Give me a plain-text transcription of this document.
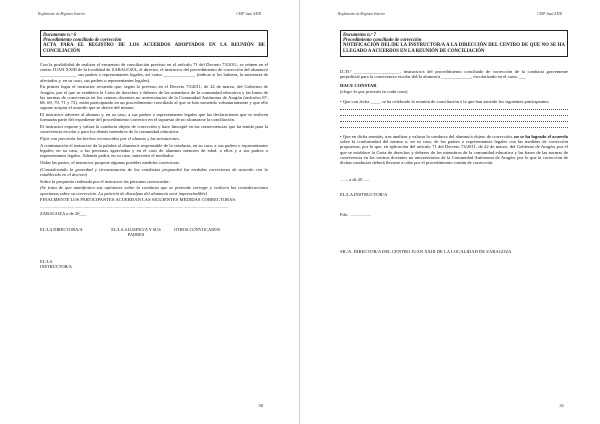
Reglamento de Régimen Interior	CEIP Juan XXIII
Documento n.º 6
Procedimiento conciliado de corrección
ACTA PARA EL REGISTRO DE LOS ACUERDOS ADOPTADOS EN LA REUNIÓN DE CONCILIACIÓN

Con la posibilidad de realizar el encuentro de conciliación previsto en el artículo 71 del Decreto 73/2011, se reúnen en el centro JUAN XXIII de la localidad de ZARAGOZA, el director, el instructor del procedimiento de corrección del alumno/a ________________ sus padres o representantes legales, así como ______________ (indicar si los hubiera, la asistencia de afectados y, en su caso, sus padres o representantes legales).

En primer lugar el instructor recuerda que, según lo previsto en el Decreto 73/2011, de 22 de marzo, del Gobierno de Aragón, por el que se establece la Carta de derechos y deberes de los miembros de la comunidad educativa y las bases de las normas de convivencia en los centros docentes no universitarios de la Comunidad Autónoma de Aragón (artículos 67, 68, 69, 70, 71 y 72), están participando en un procedimiento conciliado al que se han sometido voluntariamente y que ello supone aceptar el acuerdo que se derive del mismo.

El instructor advierte al alumno y, en su caso, a sus padres o representantes legales que las declaraciones que se realicen formarán parte del expediente del procedimiento corrector en el supuesto de no alcanzarse la conciliación.

El instructor expone y valora la conducta objeto de corrección y hace hincapié en las consecuencias que ha tenido para la convivencia escolar y para los demás miembros de la comunidad educativa:

Fijar con precisión los hechos reconocidos por el alumno y las actuaciones.

A continuación el instructor da la palabra al alumno/a responsable de la conducta, en su caso, a sus padres o representantes legales; en su caso, a las personas agraviadas y en el caso de alumnos menores de edad, a ellos y a sus padres o representantes legales. Además podrá, en su caso, intervenir el mediador.

Oídas las partes, el instructor propone algunas posibles medidas correctoras.

(Considerando la gravedad y circunstancias de las conductas propondrá las medidas correctoras de acuerdo con lo establecido en el decreto)

Sobre la propuesta realizada por el instructor las personas convocadas:

(Se trata de que manifiesten sus opiniones sobre la conducta que se pretende corregir y realicen las consideraciones oportunas sobre su corrección. La petición de disculpas del alumno/a será imprescindible)

FINALMENTE LOS PARTICIPANTES ACUERDAN LAS SIGUIENTES MEDIDAS CORRECTORAS:

....................................................................................................................................................................

ZARAGOZA a de 20___

EL/LA DIRECTORA/A	EL/LA ALUMNO/A Y SUS PADRES
OTROS CONVOCADOS
EL/LA INSTRUCTOR/A
30
Reglamento de Régimen Interior	CEIP Juan XXIII
Documento n.º 7
Procedimiento conciliado de corrección
NOTIFICACIÓN DEL/DE LA INSTRUCTOR/A A LA DIRECCIÓN DEL CENTRO DE QUE NO SE HA LLEGADO A ACUERDOS EN LA REUNIÓN DE CONCILIACIÓN

D./D.ª ____________________, instructor/a del procedimiento conciliado de corrección de la conducta gravemente perjudicial para la convivencia escolar del/la alumno/a _____________, escolarizado en el curso ___

HACE CONSTAR

(elegir lo que proceda en cada caso)

• Que con fecha ____, se ha celebrado la reunión de conciliación a la que han asistido los siguientes participantes:

• Que en dicha reunión, tras analizar y valorar la conducta del alumno/a objeto de corrección, no se ha logrado el acuerdo sobre la conformidad del mismo o, en su caso, de los padres o representantes legales con las medidas de corrección propuestas, por lo que, en aplicación del artículo 71 del Decreto 73/2011, de 22 de marzo, del Gobierno de Aragón, por el que se establece la Carta de derechos y deberes de los miembros de la comunidad educativa y las bases de las normas de convivencia en los centros docentes no universitarios de la Comunidad Autónoma de Aragón, por lo que la corrección de dichas conductas deberá llevarse a cabo por el procedimiento común de corrección.

......, a de 20 ......

EL/LA INSTRUCTOR/A

Fdo.: ..................

SR./A. DIRECTOR/A DEL CENTRO JUAN XXIII DE LA LOCALIDAD DE ZARAGOZA

31
